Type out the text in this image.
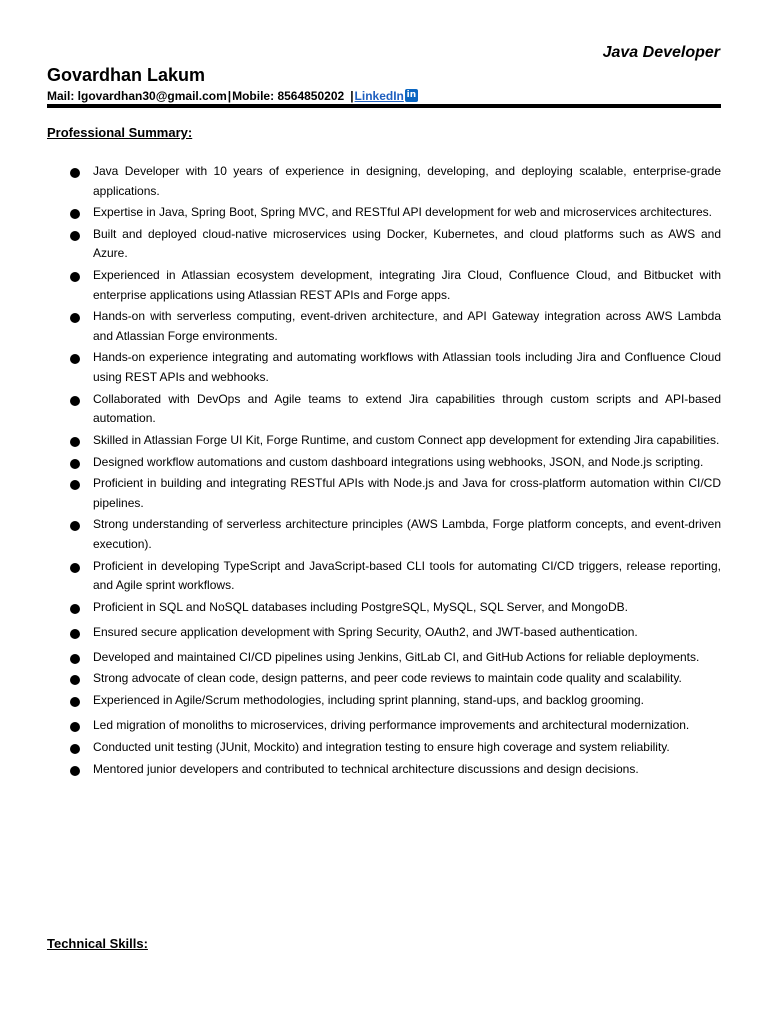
Java Developer
Govardhan Lakum
Mail: lgovardhan30@gmail.com | Mobile: 8564850202 | LinkedIn in
Professional Summary:
Java Developer with 10 years of experience in designing, developing, and deploying scalable, enterprise-grade applications.
Expertise in Java, Spring Boot, Spring MVC, and RESTful API development for web and microservices architectures.
Built and deployed cloud-native microservices using Docker, Kubernetes, and cloud platforms such as AWS and Azure.
Experienced in Atlassian ecosystem development, integrating Jira Cloud, Confluence Cloud, and Bitbucket with enterprise applications using Atlassian REST APIs and Forge apps.
Hands-on with serverless computing, event-driven architecture, and API Gateway integration across AWS Lambda and Atlassian Forge environments.
Hands-on experience integrating and automating workflows with Atlassian tools including Jira and Confluence Cloud using REST APIs and webhooks.
Collaborated with DevOps and Agile teams to extend Jira capabilities through custom scripts and API-based automation.
Skilled in Atlassian Forge UI Kit, Forge Runtime, and custom Connect app development for extending Jira capabilities.
Designed workflow automations and custom dashboard integrations using webhooks, JSON, and Node.js scripting.
Proficient in building and integrating RESTful APIs with Node.js and Java for cross-platform automation within CI/CD pipelines.
Strong understanding of serverless architecture principles (AWS Lambda, Forge platform concepts, and event-driven execution).
Proficient in developing TypeScript and JavaScript-based CLI tools for automating CI/CD triggers, release reporting, and Agile sprint workflows.
Proficient in SQL and NoSQL databases including PostgreSQL, MySQL, SQL Server, and MongoDB.
Ensured secure application development with Spring Security, OAuth2, and JWT-based authentication.
Developed and maintained CI/CD pipelines using Jenkins, GitLab CI, and GitHub Actions for reliable deployments.
Strong advocate of clean code, design patterns, and peer code reviews to maintain code quality and scalability.
Experienced in Agile/Scrum methodologies, including sprint planning, stand-ups, and backlog grooming.
Led migration of monoliths to microservices, driving performance improvements and architectural modernization.
Conducted unit testing (JUnit, Mockito) and integration testing to ensure high coverage and system reliability.
Mentored junior developers and contributed to technical architecture discussions and design decisions.
Technical Skills:
